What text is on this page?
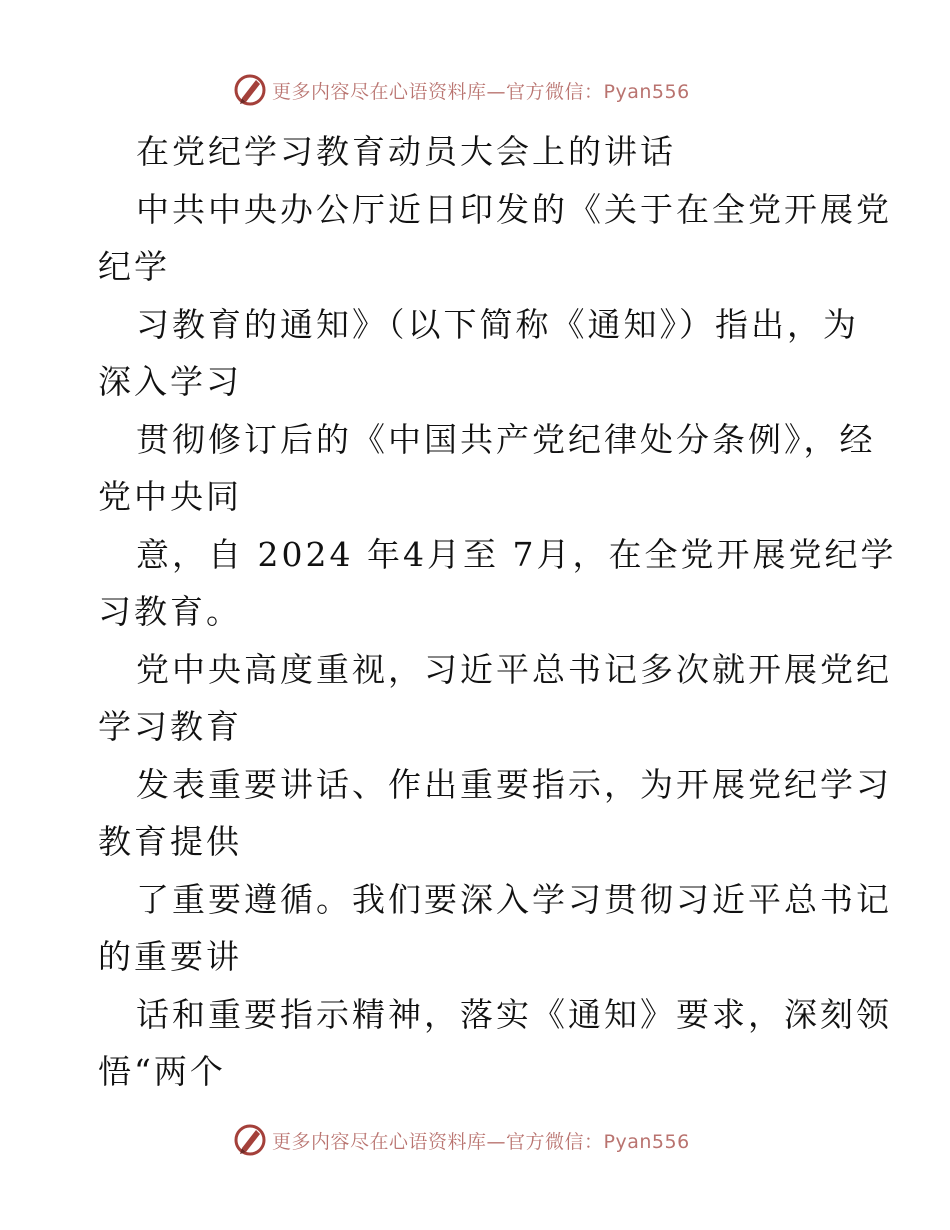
更多内容尽在心语资料库—官方微信：Pyan556
在党纪学习教育动员大会上的讲话
中共中央办公厅近日印发的《关于在全党开展党
纪学
习教育的通知》（以下简称《通知》）指出，为
深入学习
贯彻修订后的《中国共产党纪律处分条例》，经
党中央同
意，自 2024 年4月至 7月，在全党开展党纪学
习教育。
党中央高度重视，习近平总书记多次就开展党纪
学习教育
发表重要讲话、作出重要指示，为开展党纪学习
教育提供
了重要遵循。我们要深入学习贯彻习近平总书记
的重要讲
话和重要指示精神，落实《通知》要求，深刻领
悟“两个
更多内容尽在心语资料库—官方微信：Pyan556
